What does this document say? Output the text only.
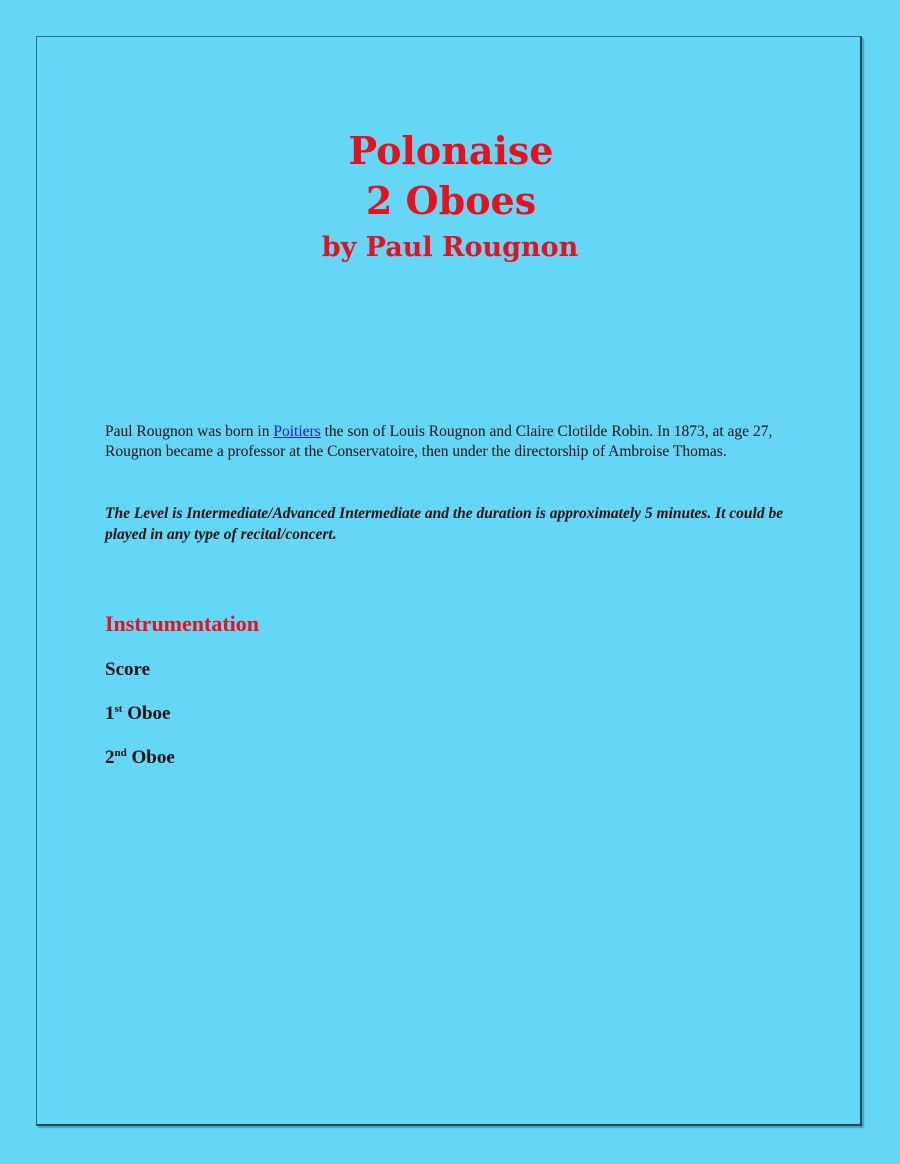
Polonaise
2 Oboes
by Paul Rougnon
Paul Rougnon was born in Poitiers the son of Louis Rougnon and Claire Clotilde Robin. In 1873, at age 27, Rougnon became a professor at the Conservatoire, then under the directorship of Ambroise Thomas.
The Level is Intermediate/Advanced Intermediate and the duration is approximately 5 minutes. It could be played in any type of recital/concert.
Instrumentation
Score
1st Oboe
2nd Oboe
